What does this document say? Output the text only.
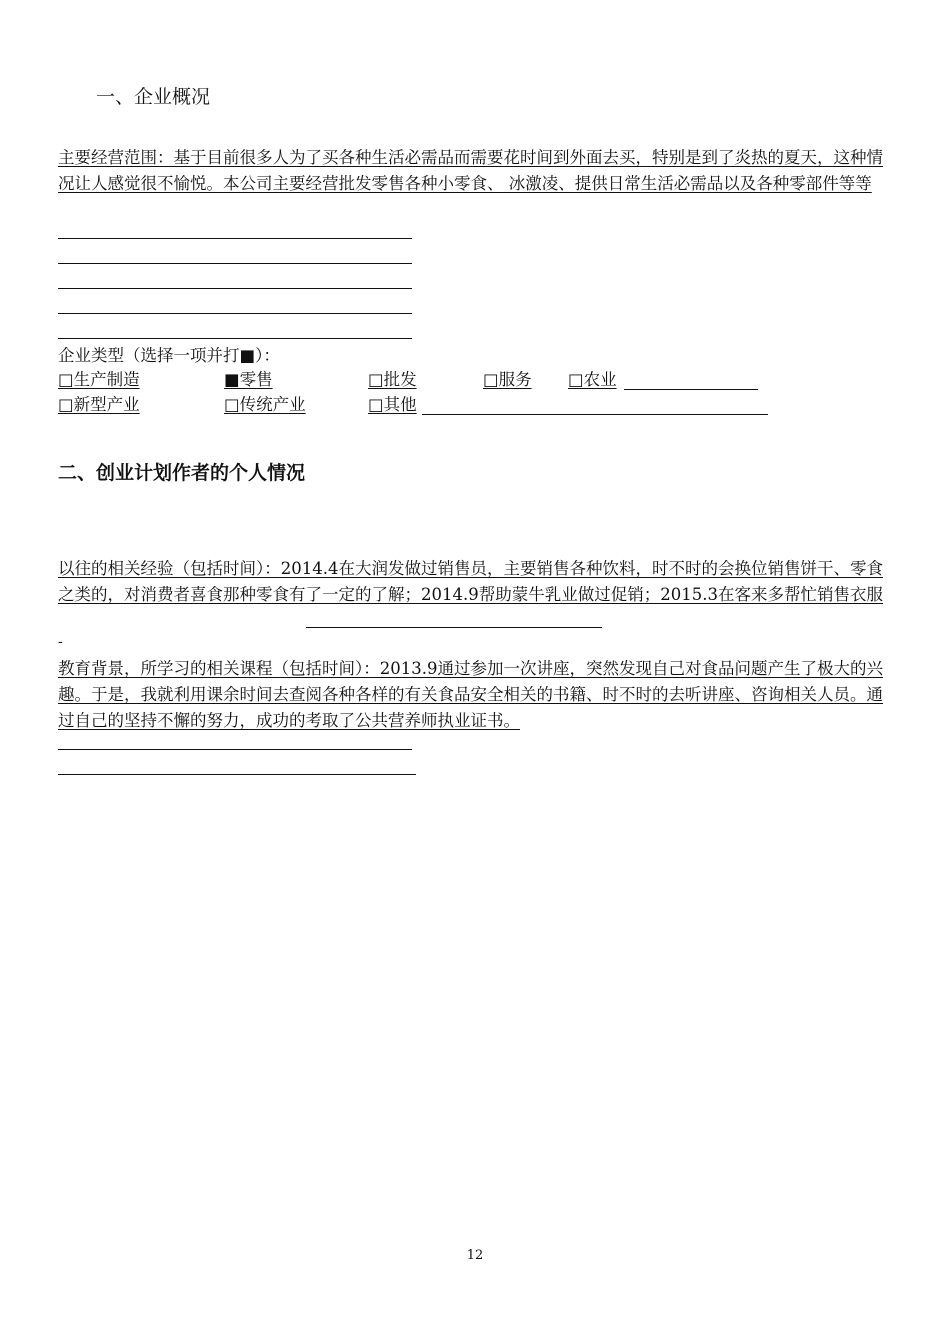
一、企业概况
主要经营范围：基于目前很多人为了买各种生活必需品而需要花时间到外面去买，特别是到了炎热的夏天，这种情况让人感觉很不愉悦。本公司主要经营批发零售各种小零食、 冰激凌、提供日常生活必需品以及各种零部件等等
企业类型（选择一项并打■）：
□生产制造	■零售	□批发	□服务 □农业
□新型产业	□传统产业	□其他
二、创业计划作者的个人情况
以往的相关经验（包括时间）：2014.4在大润发做过销售员，主要销售各种饮料，时不时的会换位销售饼干、零食之类的，对消费者喜食那种零食有了一定的了解；2014.9帮助蒙牛乳业做过促销；2015.3在客来多帮忙销售衣服
-
教育背景，所学习的相关课程（包括时间）：2013.9通过参加一次讲座，突然发现自己对食品问题产生了极大的兴趣。于是，我就利用课余时间去查阅各种各样的有关食品安全相关的书籍、时不时的去听讲座、咨询相关人员。通过自己的坚持不懈的努力，成功的考取了公共营养师执业证书。
12
